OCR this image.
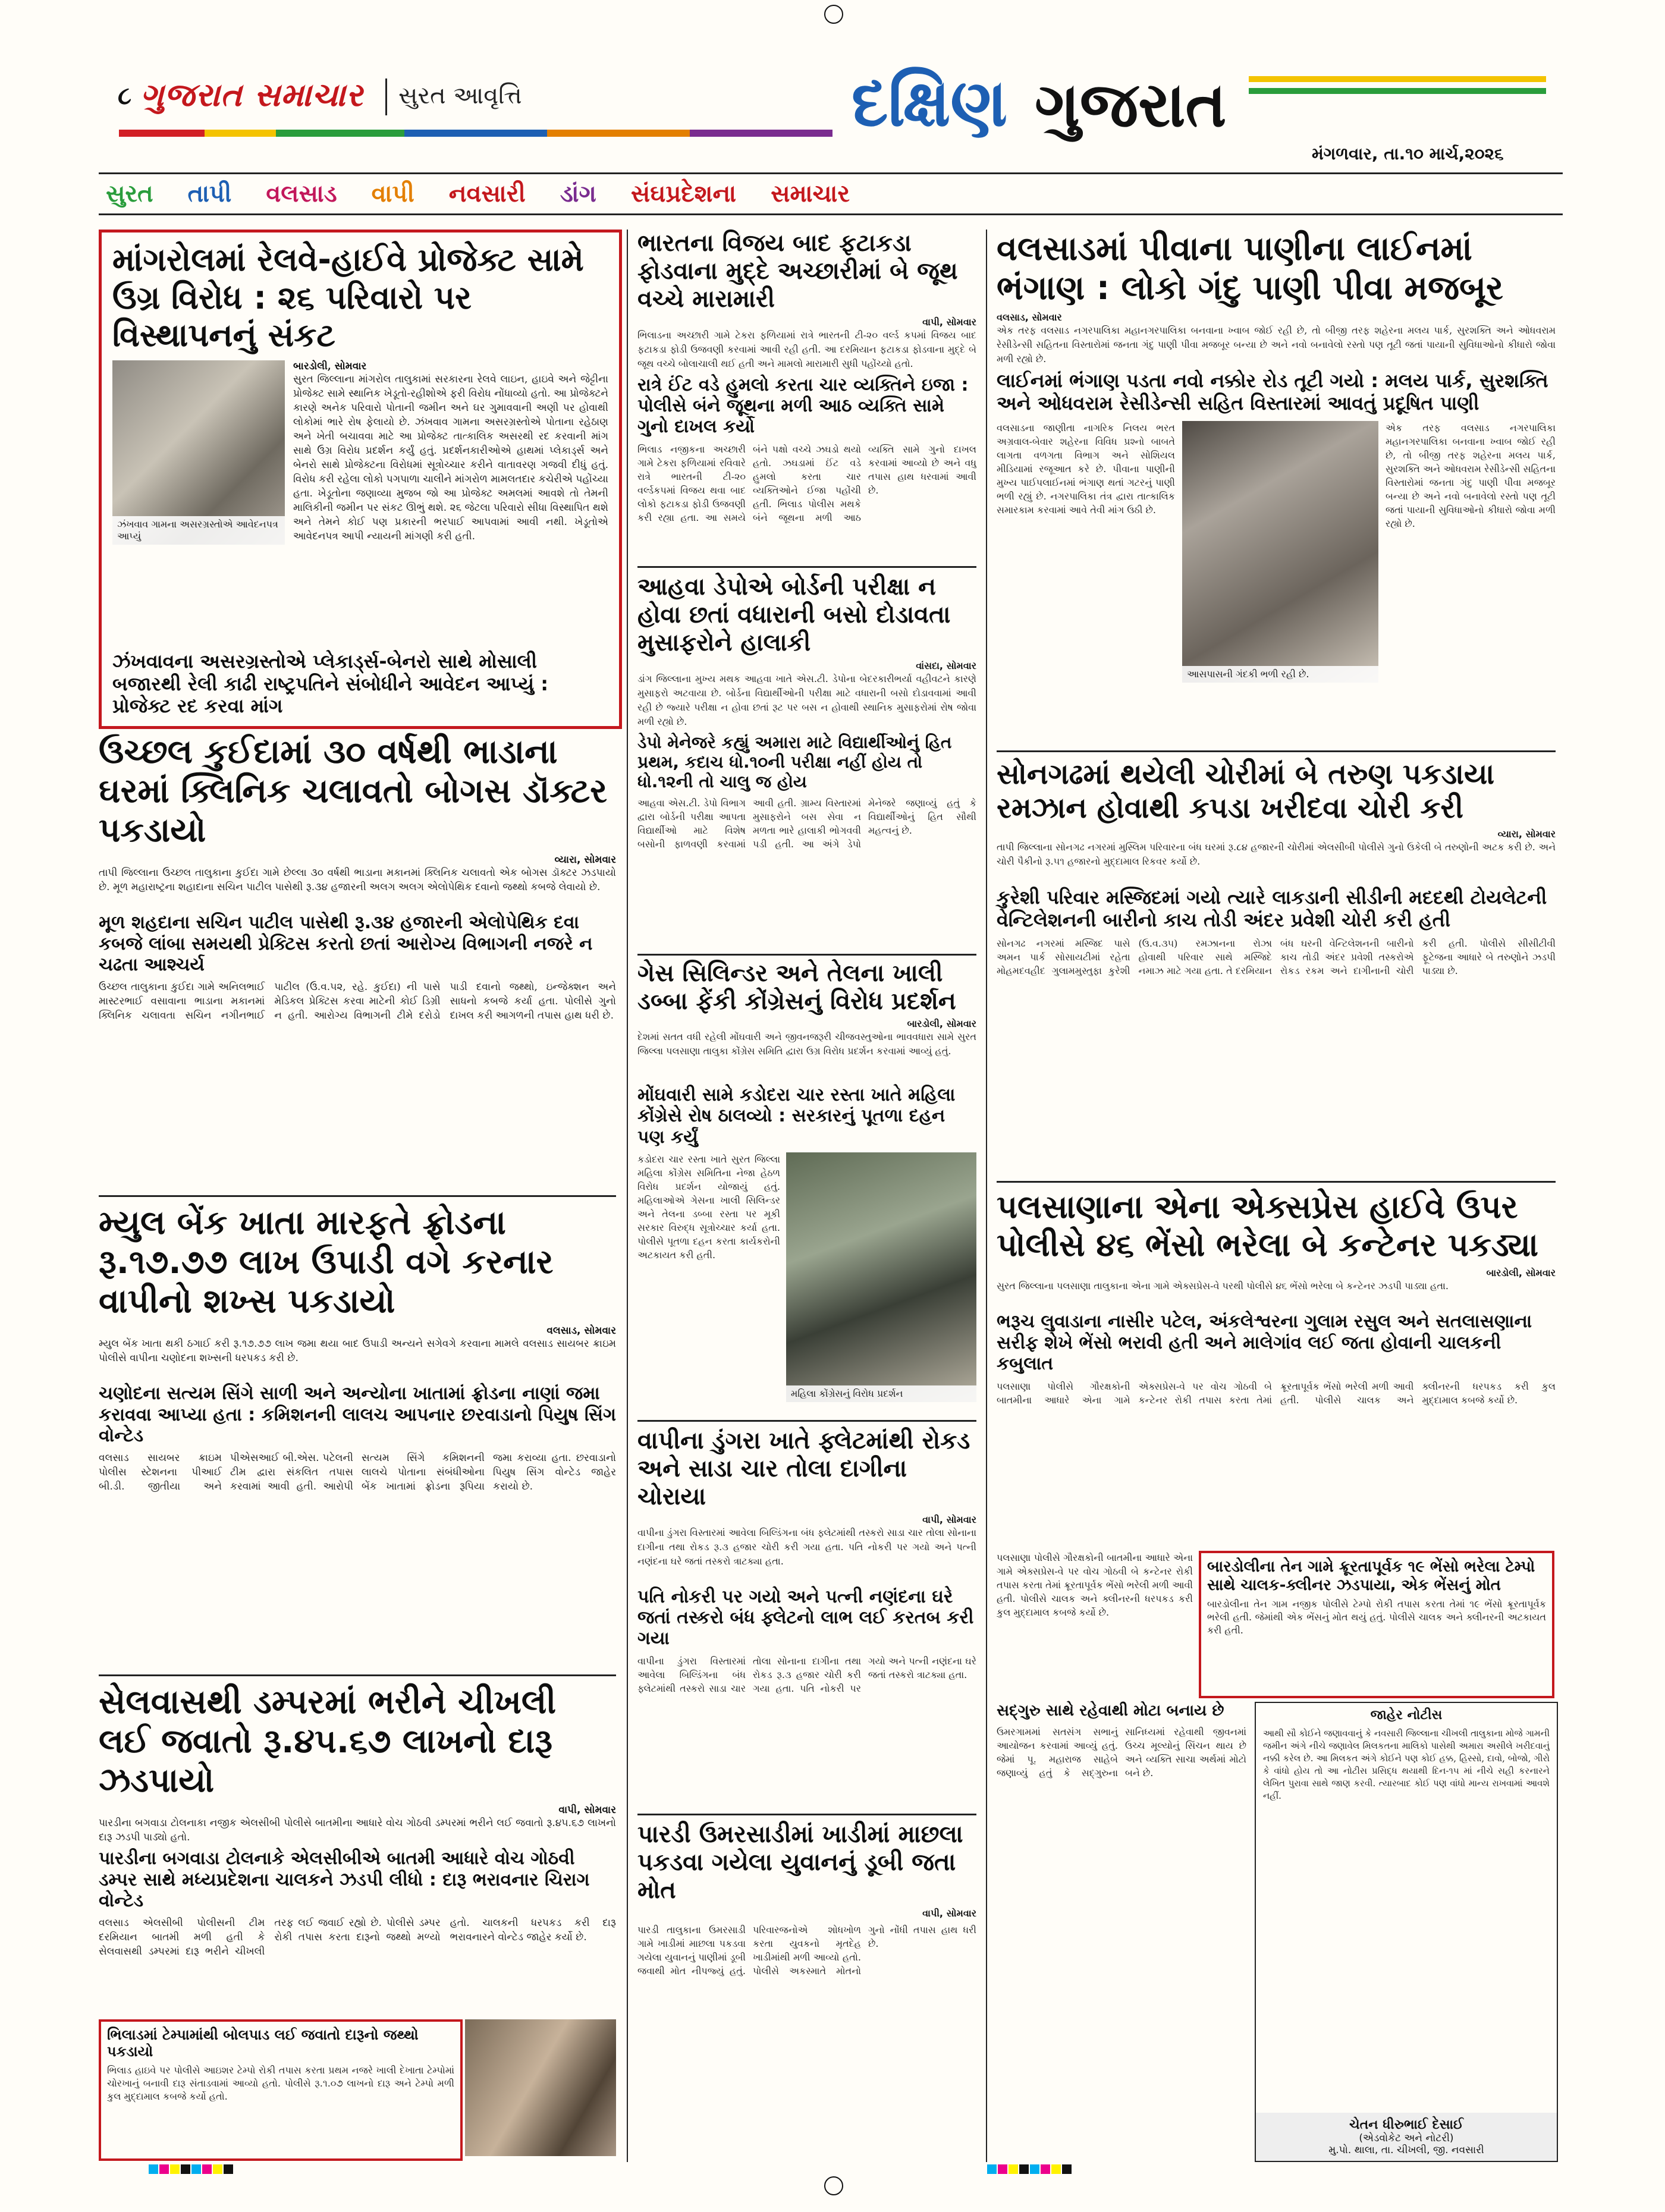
૮ ગુજરાત સમાચાર સુરત આવૃત્તિ	દક્ષિણ ગુજરાત
મંગળવાર, તા.૧૦ માર્ચ,૨૦૨૬
સુરત તાપી વલસાડ વાપી નવસારી ડાંગ સંઘપ્રદેશના સમાચાર
માંગરોલમાં રેલવે-હાઈવે પ્રોજેક્ટ સામે ઉગ્ર વિરોધ : ૨૬ પરિવારો પર વિસ્થાપનનું સંકટ
ઝંખવાવ ગામના અસરગ્રસ્તોએ આવેદનપત્ર આપ્યું
બારડોલી, સોમવાર
સુરત જિલ્લાના માંગરોલ તાલુકામાં સરકારના રેલવે લાઇન, હાઇવે અને જેટ્ટીના પ્રોજેક્ટ સામે સ્થાનિક ખેડૂતો-રહીશોએ ફરી વિરોધ નોંધાવ્યો હતો. આ પ્રોજેક્ટને કારણે અનેક પરિવારો પોતાની જમીન અને ઘર ગુમાવવાની અણી પર હોવાથી લોકોમાં ભારે રોષ ફેલાયો છે. ઝંખવાવ ગામના અસરગ્રસ્તોએ પોતાના રહેઠાણ અને ખેતી બચાવવા માટે આ પ્રોજેક્ટ તાત્કાલિક અસરથી રદ કરવાની માંગ સાથે ઉગ્ર વિરોધ પ્રદર્શન કર્યું હતું. પ્રદર્શનકારીઓએ હાથમાં પ્લેકાર્ડ્સ અને બેનરો સાથે પ્રોજેક્ટના વિરોધમાં સૂત્રોચ્ચાર કરીને વાતાવરણ ગજવી દીધું હતું. વિરોધ કરી રહેલા લોકો પગપાળા ચાલીને માંગરોળ મામલતદાર કચેરીએ પહોંચ્યા હતા. ખેડૂતોના જણાવ્યા મુજબ જો આ પ્રોજેક્ટ અમલમાં આવશે તો તેમની માલિકીની જમીન પર સંકટ ઊભું થશે. ૨૬ જેટલા પરિવારો સીધા વિસ્થાપિત થશે અને તેમને કોઈ પણ પ્રકારની ભરપાઈ આપવામાં આવી નથી. ખેડૂતોએ આવેદનપત્ર આપી ન્યાયની માંગણી કરી હતી.
ઝંખવાવના અસરગ્રસ્તોએ પ્લેકાર્ડ્સ-બેનરો સાથે મોસાલી બજારથી રેલી કાઢી રાષ્ટ્રપતિને સંબોધીને આવેદન આપ્યું : પ્રોજેક્ટ રદ કરવા માંગ
ઉચ્છલ કુઈદામાં ૩૦ વર્ષથી ભાડાના ઘરમાં ક્લિનિક ચલાવતો બોગસ ડૉક્ટર પકડાયો
વ્યારા, સોમવાર
તાપી જિલ્લાના ઉચ્છલ તાલુકાના કુઈદા ગામે છેલ્લા ૩૦ વર્ષથી ભાડાના મકાનમાં ક્લિનિક ચલાવતો એક બોગસ ડૉક્ટર ઝડપાયો છે. મૂળ મહારાષ્ટ્રના શહાદાના સચિન પાટીલ પાસેથી રૂ.૩૪ હજારની અલગ અલગ એલોપેથિક દવાનો જથ્થો કબજે લેવાયો છે.
મૂળ શહદાના સચિન પાટીલ પાસેથી રૂ.૩૪ હજારની એલોપેથિક દવા કબજે લાંબા સમયથી પ્રેક્ટિસ કરતો છતાં આરોગ્ય વિભાગની નજરે ન ચઢતા આશ્ચર્ય
ઉચ્છલ તાલુકાના કુઈદા ગામે અનિલભાઈ માસ્ટરભાઈ વસાવાના ભાડાના મકાનમાં ક્લિનિક ચલાવતા સચિન નગીનભાઈ પાટીલ (ઉ.વ.૫૨, રહે. કુઈદા) ની પાસે મેડિકલ પ્રેક્ટિસ કરવા માટેની કોઈ ડિગ્રી ન હતી. આરોગ્ય વિભાગની ટીમે દરોડો પાડી દવાનો જથ્થો, ઇન્જેક્શન અને સાધનો કબજે કર્યા હતા. પોલીસે ગુનો દાખલ કરી આગળની તપાસ હાથ ધરી છે.
મ્યુલ બેંક ખાતા મારફતે ફ્રોડના રૂ.૧૭.૭૭ લાખ ઉપાડી વગે કરનાર વાપીનો શખ્સ પકડાયો
વલસાડ, સોમવાર
મ્યુલ બેંક ખાતા થકી ઠગાઈ કરી રૂ.૧૭.૭૭ લાખ જમા થયા બાદ ઉપાડી અન્યને સગેવગે કરવાના મામલે વલસાડ સાયબર ક્રાઇમ પોલીસે વાપીના ચણોદના શખ્સની ધરપકડ કરી છે.
ચણોદના સત્યમ સિંગે સાળી અને અન્યોના ખાતામાં ફ્રોડના નાણાં જમા કરાવવા આપ્યા હતા : કમિશનની લાલચ આપનાર છરવાડાનો પિયુષ સિંગ વોન્ટેડ
વલસાડ સાયબર ક્રાઇમ પોલીસ સ્ટેશનના પીઆઈ બી.ડી. જીતીયા અને પીએસઆઈ બી.એસ. પટેલની ટીમ દ્વારા સંકલિત તપાસ કરવામાં આવી હતી. આરોપી સત્યમ સિંગે કમિશનની લાલચે પોતાના સંબંધીઓના બેંક ખાતામાં ફ્રોડના રૂપિયા જમા કરાવ્યા હતા. છરવાડાનો પિયુષ સિંગ વોન્ટેડ જાહેર કરાયો છે.
સેલવાસથી ડમ્પરમાં ભરીને ચીખલી લઈ જવાતો રૂ.૪૫.૬૭ લાખનો દારૂ ઝડપાયો
વાપી, સોમવાર
પારડીના બગવાડા ટોલનાકા નજીક એલસીબી પોલીસે બાતમીના આધારે વોચ ગોઠવી ડમ્પરમાં ભરીને લઈ જવાતો રૂ.૪૫.૬૭ લાખનો દારૂ ઝડપી પાડ્યો હતો.
પારડીના બગવાડા ટોલનાકે એલસીબીએ બાતમી આધારે વોચ ગોઠવી ડમ્પર સાથે મધ્યપ્રદેશના ચાલકને ઝડપી લીધો : દારૂ ભરાવનાર ચિરાગ વોન્ટેડ
વલસાડ એલસીબી પોલીસની ટીમ દરમિયાન બાતમી મળી હતી કે સેલવાસથી ડમ્પરમાં દારૂ ભરીને ચીખલી તરફ લઈ જવાઈ રહ્યો છે. પોલીસે ડમ્પર રોકી તપાસ કરતા દારૂનો જથ્થો મળ્યો હતો. ચાલકની ધરપકડ કરી દારૂ ભરાવનારને વોન્ટેડ જાહેર કર્યો છે.
ભિલાડમાં ટેમ્પામાંથી બોલપાડ લઈ જવાતો દારૂનો જથ્થો પકડાયો
ભિલાડ હાઇવે પર પોલીસે આઇશર ટેમ્પો રોકી તપાસ કરતા પ્રથમ નજરે ખાલી દેખાતા ટેમ્પોમાં ચોરખાનું બનાવી દારૂ સંતાડવામાં આવ્યો હતો. પોલીસે રૂ.૧.૦૭ લાખનો દારૂ અને ટેમ્પો મળી કુલ મુદ્દામાલ કબજે કર્યો હતો.
ભારતના વિજય બાદ ફટાકડા ફોડવાના મુદ્દે અચ્છારીમાં બે જૂથ વચ્ચે મારામારી
વાપી, સોમવાર
ભિલાડના અચ્છારી ગામે ટેકરા ફળિયામાં રાત્રે ભારતની ટી-૨૦ વર્લ્ડ કપમાં વિજય બાદ ફટાકડા ફોડી ઉજવણી કરવામાં આવી રહી હતી. આ દરમિયાન ફટાકડા ફોડવાના મુદ્દે બે જૂથ વચ્ચે બોલાચાલી થઈ હતી અને મામલો મારામારી સુધી પહોંચ્યો હતો.
રાત્રે ઈંટ વડે હુમલો કરતા ચાર વ્યક્તિને ઇજા : પોલીસે બંને જૂથના મળી આઠ વ્યક્તિ સામે ગુનો દાખલ કર્યો
ભિલાડ નજીકના અચ્છારી ગામે ટેકરા ફળિયામાં રવિવારે રાત્રે ભારતની ટી-૨૦ વર્લ્ડકપમાં વિજય થવા બાદ લોકો ફટાકડા ફોડી ઉજવણી કરી રહ્યા હતા. આ સમયે બંને પક્ષો વચ્ચે ઝઘડો થયો હતો. ઝઘડામાં ઈંટ વડે હુમલો કરતા ચાર વ્યક્તિઓને ઈજા પહોંચી હતી. ભિલાડ પોલીસ મથકે બંને જૂથના મળી આઠ વ્યક્તિ સામે ગુનો દાખલ કરવામાં આવ્યો છે અને વધુ તપાસ હાથ ધરવામાં આવી છે.
આહવા ડેપોએ બોર્ડની પરીક્ષા ન હોવા છતાં વધારાની બસો દોડાવતા મુસાફરોને હાલાકી
વાંસદા, સોમવાર
ડાંગ જિલ્લાના મુખ્ય મથક આહવા ખાતે એસ.ટી. ડેપોના બેદરકારીભર્યા વહીવટને કારણે મુસાફરો અટવાયા છે. બોર્ડના વિદ્યાર્થીઓની પરીક્ષા માટે વધારાની બસો દોડાવવામાં આવી રહી છે જ્યારે પરીક્ષા ન હોવા છતાં રૂટ પર બસ ન હોવાથી સ્થાનિક મુસાફરોમાં રોષ જોવા મળી રહ્યો છે.
ડેપો મેનેજરે કહ્યું અમારા માટે વિદ્યાર્થીઓનું હિત પ્રથમ, કદાચ ધો.૧૦ની પરીક્ષા નહીં હોય તો ધો.૧૨ની તો ચાલુ જ હોય
આહવા એસ.ટી. ડેપો વિભાગ દ્વારા બોર્ડની પરીક્ષા આપતા વિદ્યાર્થીઓ માટે વિશેષ બસોની ફાળવણી કરવામાં આવી હતી. ગ્રામ્ય વિસ્તારમાં મુસાફરોને બસ સેવા ન મળતા ભારે હાલાકી ભોગવવી પડી હતી. આ અંગે ડેપો મેનેજરે જણાવ્યું હતું કે વિદ્યાર્થીઓનું હિત સૌથી મહત્વનું છે.
ગેસ સિલિન્ડર અને તેલના ખાલી ડબ્બા ફેંકી કોંગ્રેસનું વિરોધ પ્રદર્શન
બારડોલી, સોમવાર
દેશમાં સતત વધી રહેલી મોંઘવારી અને જીવનજરૂરી ચીજવસ્તુઓના ભાવવધારા સામે સુરત જિલ્લા પલસાણા તાલુકા કોંગ્રેસ સમિતિ દ્વારા ઉગ્ર વિરોધ પ્રદર્શન કરવામાં આવ્યું હતું.
મોંઘવારી સામે કડોદરા ચાર રસ્તા ખાતે મહિલા કોંગ્રેસે રોષ ઠાલવ્યો : સરકારનું પૂતળા દહન પણ કર્યું
કડોદરા ચાર રસ્તા ખાતે સુરત જિલ્લા મહિલા કોંગ્રેસ સમિતિના નેજા હેઠળ વિરોધ પ્રદર્શન યોજાયું હતું. મહિલાઓએ ગેસના ખાલી સિલિન્ડર અને તેલના ડબ્બા રસ્તા પર મૂકી સરકાર વિરુદ્ધ સૂત્રોચ્ચાર કર્યા હતા. પોલીસે પૂતળા દહન કરતા કાર્યકરોની અટકાયત કરી હતી.
મહિલા કોંગ્રેસનું વિરોધ પ્રદર્શન
વાપીના ડુંગરા ખાતે ફ્લેટમાંથી રોકડ અને સાડા ચાર તોલા દાગીના ચોરાયા
વાપી, સોમવાર
વાપીના ડુંગરા વિસ્તારમાં આવેલા બિલ્ડિંગના બંધ ફ્લેટમાંથી તસ્કરો સાડા ચાર તોલા સોનાના દાગીના તથા રોકડ રૂ.૩ હજાર ચોરી કરી ગયા હતા. પતિ નોકરી પર ગયો અને પત્ની નણંદના ઘરે જતાં તસ્કરો ત્રાટક્યા હતા.
પતિ નોકરી પર ગયો અને પત્ની નણંદના ઘરે જતાં તસ્કરો બંધ ફ્લેટનો લાભ લઈ કરતબ કરી ગયા
વાપીના ડુંગરા વિસ્તારમાં આવેલા બિલ્ડિંગના બંધ ફ્લેટમાંથી તસ્કરો સાડા ચાર તોલા સોનાના દાગીના તથા રોકડ રૂ.૩ હજાર ચોરી કરી ગયા હતા. પતિ નોકરી પર ગયો અને પત્ની નણંદના ઘરે જતાં તસ્કરો ત્રાટક્યા હતા.
પારડી ઉમરસાડીમાં ખાડીમાં માછલા પકડવા ગયેલા યુવાનનું ડૂબી જતા મોત
વાપી, સોમવાર
પારડી તાલુકાના ઉમરસાડી ગામે ખાડીમાં માછલા પકડવા ગયેલા યુવાનનું પાણીમાં ડૂબી જવાથી મોત નીપજ્યું હતું. પરિવારજનોએ શોધખોળ કરતા યુવકનો મૃતદેહ ખાડીમાંથી મળી આવ્યો હતો. પોલીસે અકસ્માતે મોતનો ગુનો નોંધી તપાસ હાથ ધરી છે.
વલસાડમાં પીવાના પાણીના લાઈનમાં ભંગાણ : લોકો ગંદુ પાણી પીવા મજબૂર
વલસાડ, સોમવાર
એક તરફ વલસાડ નગરપાલિકા મહાનગરપાલિકા બનવાના ખ્વાબ જોઈ રહી છે, તો બીજી તરફ શહેરના મલય પાર્ક, સુરશક્તિ અને ઓધવરામ રેસીડેન્સી સહિતના વિસ્તારોમાં જનતા ગંદુ પાણી પીવા મજબૂર બન્યા છે અને નવો બનાવેલો રસ્તો પણ તૂટી જતાં પાયાની સુવિધાઓનો કીધારો જોવા મળી રહ્યો છે.
લાઈનમાં ભંગાણ પડતા નવો નક્કોર રોડ તૂટી ગયો : મલય પાર્ક, સુરશક્તિ અને ઓધવરામ રેસીડેન્સી સહિત વિસ્તારમાં આવતું પ્રદૂષિત પાણી
વલસાડના જાણીતા નાગરિક નિલય ભરત અગ્રવાલ-બેવાર શહેરના વિવિધ પ્રશ્નો બાબતે લાગતા વળગતા વિભાગ અને સોશિયલ મીડિયામાં રજૂઆત કરે છે. પીવાના પાણીની મુખ્ય પાઈપલાઈનમાં ભંગાણ થતાં ગટરનું પાણી ભળી રહ્યું છે. નગરપાલિકા તંત્ર દ્વારા તાત્કાલિક સમારકામ કરવામાં આવે તેવી માંગ ઉઠી છે.
આસપાસની ગંદકી ભળી રહી છે.
એક તરફ વલસાડ નગરપાલિકા મહાનગરપાલિકા બનવાના ખ્વાબ જોઈ રહી છે, તો બીજી તરફ શહેરના મલય પાર્ક, સુરશક્તિ અને ઓધવરામ રેસીડેન્સી સહિતના વિસ્તારોમાં જનતા ગંદુ પાણી પીવા મજબૂર બન્યા છે અને નવો બનાવેલો રસ્તો પણ તૂટી જતાં પાયાની સુવિધાઓનો કીધારો જોવા મળી રહ્યો છે.
સોનગઢમાં થયેલી ચોરીમાં બે તરુણ પકડાયા રમઝાન હોવાથી કપડા ખરીદવા ચોરી કરી
વ્યારા, સોમવાર
તાપી જિલ્લાના સોનગઢ નગરમાં મુસ્લિમ પરિવારના બંધ ઘરમાં રૂ.૮૪ હજારની ચોરીમાં એલસીબી પોલીસે ગુનો ઉકેલી બે તરુણોની અટક કરી છે. અને ચોરી પૈકીનો રૂ.૫૧ હજારનો મુદ્દામાલ રિકવર કર્યો છે.
કુરેશી પરિવાર મસ્જિદમાં ગયો ત્યારે લાકડાની સીડીની મદદથી ટોયલેટની વેન્ટિલેશનની બારીનો કાચ તોડી અંદર પ્રવેશી ચોરી કરી હતી
સોનગઢ નગરમાં મસ્જિદ પાસે અમન પાર્ક સોસાયટીમાં રહેતા મોહમદવહીદ ગુલામમુસ્તુફા કુરેશી (ઉ.વ.૩૫) રમઝાનના રોઝા હોવાથી પરિવાર સાથે મસ્જિદે નમાઝ માટે ગયા હતા. તે દરમિયાન બંધ ઘરની વેન્ટિલેશનની બારીનો કાચ તોડી અંદર પ્રવેશી તસ્કરોએ રોકડ રકમ અને દાગીનાની ચોરી કરી હતી. પોલીસે સીસીટીવી ફૂટેજના આધારે બે તરુણોને ઝડપી પાડ્યા છે.
પલસાણાના એના એક્સપ્રેસ હાઈવે ઉપર પોલીસે ૪૬ ભેંસો ભરેલા બે કન્ટેનર પકડ્યા
બારડોલી, સોમવાર
સુરત જિલ્લાના પલસાણા તાલુકાના એના ગામે એક્સપ્રેસ-વે પરથી પોલીસે ૪૬ ભેંસો ભરેલા બે કન્ટેનર ઝડપી પાડ્યા હતા.
ભરૂચ લુવાડાના નાસીર પટેલ, અંકલેશ્વરના ગુલામ રસુલ અને સતલાસણાના સરીફ શેખે ભેંસો ભરાવી હતી અને માલેગાંવ લઈ જતા હોવાની ચાલકની કબુલાત
પલસાણા પોલીસે ગૌરક્ષકોની બાતમીના આધારે એના ગામે એક્સપ્રેસ-વે પર વોચ ગોઠવી બે કન્ટેનર રોકી તપાસ કરતા તેમાં ક્રૂરતાપૂર્વક ભેંસો ભરેલી મળી આવી હતી. પોલીસે ચાલક અને ક્લીનરની ધરપકડ કરી કુલ મુદ્દામાલ કબજે કર્યો છે.
બારડોલીના તેન ગામે ક્રૂરતાપૂર્વક ૧૯ ભેંસો ભરેલા ટેમ્પો સાથે ચાલક-ક્લીનર ઝડપાયા, એક ભેંસનું મોત
બારડોલીના તેન ગામ નજીક પોલીસે ટેમ્પો રોકી તપાસ કરતા તેમાં ૧૯ ભેંસો ક્રૂરતાપૂર્વક ભરેલી હતી. જેમાંથી એક ભેંસનું મોત થયું હતું. પોલીસે ચાલક અને ક્લીનરની અટકાયત કરી હતી.
પલસાણા પોલીસે ગૌરક્ષકોની બાતમીના આધારે એના ગામે એક્સપ્રેસ-વે પર વોચ ગોઠવી બે કન્ટેનર રોકી તપાસ કરતા તેમાં ક્રૂરતાપૂર્વક ભેંસો ભરેલી મળી આવી હતી. પોલીસે ચાલક અને ક્લીનરની ધરપકડ કરી કુલ મુદ્દામાલ કબજે કર્યો છે.
સદ્ગુરુ સાથે રહેવાથી મોટા બનાય છે
ઉમરગામમાં સતસંગ સભાનું આયોજન કરવામાં આવ્યું હતું. જેમાં પૂ. મહારાજ સાહેબે જણાવ્યું હતું કે સદ્ગુરુના સાનિધ્યમાં રહેવાથી જીવનમાં ઉચ્ચ મૂલ્યોનું સિંચન થાય છે અને વ્યક્તિ સાચા અર્થમાં મોટો બને છે.
જાહેર નોટીસ
આથી સૌ કોઈને જણાવવાનું કે નવસારી જિલ્લાના ચીખલી તાલુકાના મોજે ગામની જમીન અંગે નીચે જણાવેલ મિલકતના માલિકો પાસેથી અમારા અસીલે ખરીદવાનું નક્કી કરેલ છે. આ મિલકત અંગે કોઈને પણ કોઈ હક્ક, હિસ્સો, દાવો, બોજો, ગીરો કે વાંધો હોય તો આ નોટીસ પ્રસિદ્ધ થયાથી દિન-૧૫ માં નીચે સહી કરનારને લેખિત પુરાવા સાથે જાણ કરવી. ત્યારબાદ કોઈ પણ વાંધો માન્ય રાખવામાં આવશે નહીં.
ચેતન ધીરુભાઈ દેસાઈ
(એડવોકેટ અને નોટરી)
મુ.પો. થાલા, તા. ચીખલી, જી. નવસારી
